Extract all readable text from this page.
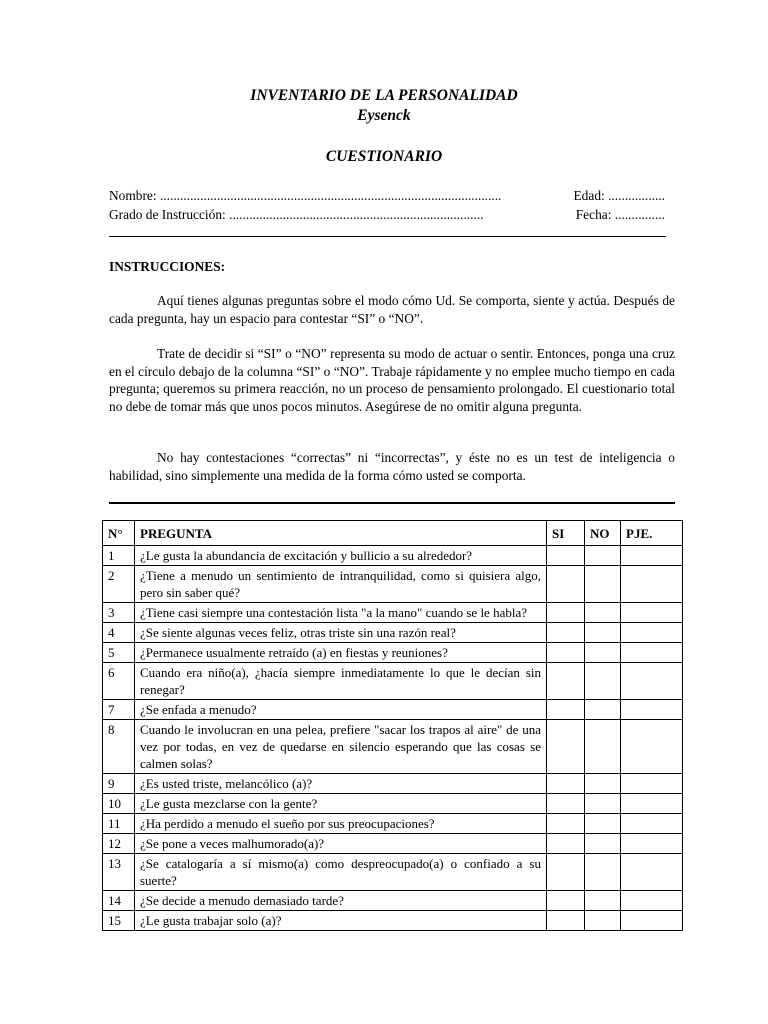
INVENTARIO DE LA PERSONALIDAD
Eysenck
CUESTIONARIO
Nombre: ......................................................................................................	Edad: .................
Grado de Instrucción: ............................................................................	Fecha: ...............
INSTRUCCIONES:

Aquí tienes algunas preguntas sobre el modo cómo Ud. Se comporta, siente y actúa. Después de cada pregunta, hay un espacio para contestar “SI” o “NO”.

Trate de decidir si “SI” o “NO” representa su modo de actuar o sentir. Entonces, ponga una cruz en el círculo debajo de la columna “SI” o “NO”. Trabaje rápidamente y no emplee mucho tiempo en cada pregunta; queremos su primera reacción, no un proceso de pensamiento prolongado. El cuestionario total no debe de tomar más que unos pocos minutos. Asegúrese de no omitir alguna pregunta.

No hay contestaciones “correctas” ni “incorrectas”, y éste no es un test de inteligencia o habilidad, sino simplemente una medida de la forma cómo usted se comporta.

N°	PREGUNTA	SI	NO	PJE.
1	¿Le gusta la abundancia de excitación y bullicio a su alrededor?			
2	¿Tiene a menudo un sentimiento de intranquilidad, como si quisiera algo, pero sin saber qué?			
3	¿Tiene casi siempre una contestación lista "a la mano" cuando se le habla?			
4	¿Se siente algunas veces feliz, otras triste sin una razón real?			
5	¿Permanece usualmente retraído (a) en fiestas y reuniones?			
6	Cuando era niño(a), ¿hacía siempre inmediatamente lo que le decían sin renegar?			
7	¿Se enfada a menudo?			
8	Cuando le involucran en una pelea, prefiere "sacar los trapos al aire" de una vez por todas, en vez de quedarse en silencio esperando que las cosas se calmen solas?			
9	¿Es usted triste, melancólico (a)?			
10	¿Le gusta mezclarse con la gente?			
11	¿Ha perdido a menudo el sueño por sus preocupaciones?			
12	¿Se pone a veces malhumorado(a)?			
13	¿Se catalogaría a sí mismo(a) como despreocupado(a) o confiado a su suerte?			
14	¿Se decide a menudo demasiado tarde?			
15	¿Le gusta trabajar solo (a)?			
